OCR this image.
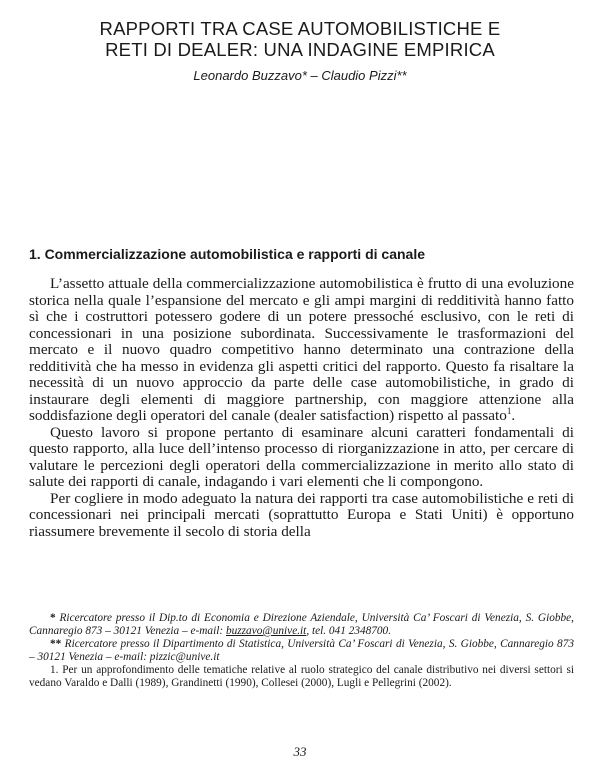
RAPPORTI TRA CASE AUTOMOBILISTICHE E
RETI DI DEALER: UNA INDAGINE EMPIRICA
Leonardo Buzzavo* – Claudio Pizzi**
1. Commercializzazione automobilistica e rapporti di canale

L’assetto attuale della commercializzazione automobilistica è frutto di una evoluzione storica nella quale l’espansione del mercato e gli ampi margini di redditività hanno fatto sì che i costruttori potessero godere di un potere pressoché esclusivo, con le reti di concessionari in una posizione subordinata. Successivamente le trasformazioni del mercato e il nuovo quadro competitivo hanno determinato una contrazione della redditività che ha messo in evidenza gli aspetti critici del rapporto. Questo fa risaltare la necessità di un nuovo approccio da parte delle case automobilistiche, in grado di instaurare degli elementi di maggiore partnership, con maggiore attenzione alla soddisfazione degli operatori del canale (dealer satisfaction) rispetto al passato$^1$.

Questo lavoro si propone pertanto di esaminare alcuni caratteri fondamentali di questo rapporto, alla luce dell’intenso processo di riorganizzazione in atto, per cercare di valutare le percezioni degli operatori della commercializzazione in merito allo stato di salute dei rapporti di canale, indagando i vari elementi che li compongono.

Per cogliere in modo adeguato la natura dei rapporti tra case automobilistiche e reti di concessionari nei principali mercati (soprattutto Europa e Stati Uniti) è opportuno riassumere brevemente il secolo di storia della

* Ricercatore presso il Dip.to di Economia e Direzione Aziendale, Università Ca’ Foscari di Venezia, S. Giobbe, Cannaregio 873 – 30121 Venezia – e-mail: buzzavo@unive.it, tel. 041 2348700.

** Ricercatore presso il Dipartimento di Statistica, Università Ca’ Foscari di Venezia, S. Giobbe, Cannaregio 873 – 30121 Venezia – e-mail: pizzic@unive.it

1. Per un approfondimento delle tematiche relative al ruolo strategico del canale distributivo nei diversi settori si vedano Varaldo e Dalli (1989), Grandinetti (1990), Collesei (2000), Lugli e Pellegrini (2002).

33
